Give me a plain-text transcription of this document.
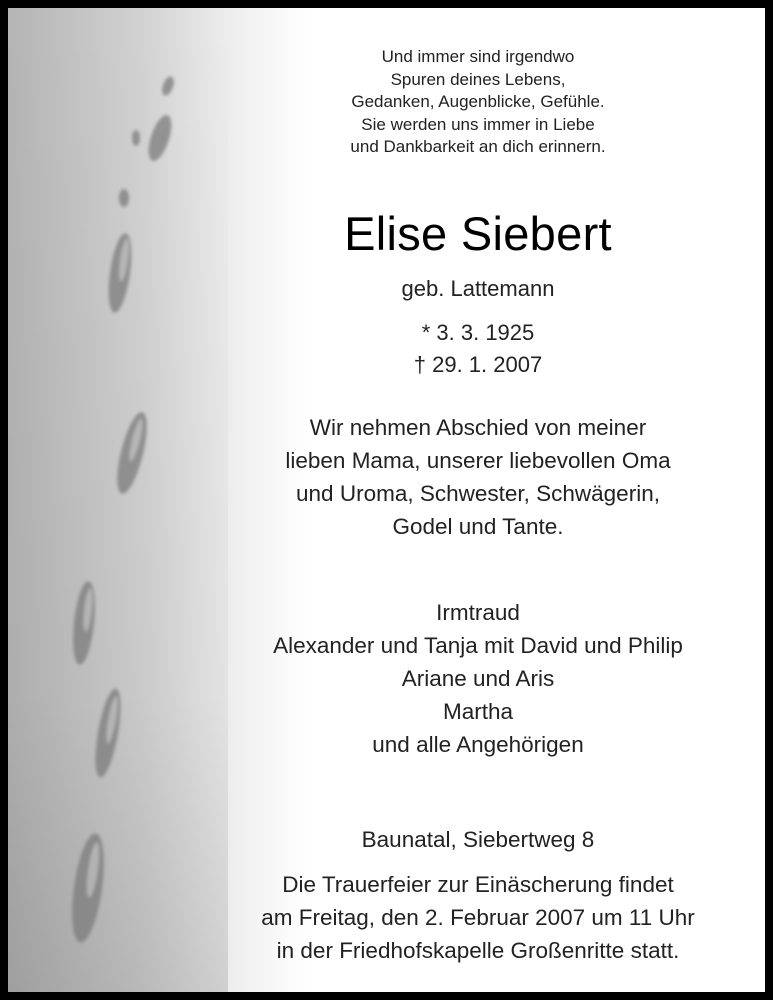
Und immer sind irgendwo
Spuren deines Lebens,
Gedanken, Augenblicke, Gefühle.
Sie werden uns immer in Liebe
und Dankbarkeit an dich erinnern.
Elise Siebert
geb. Lattemann
* 3. 3. 1925
† 29. 1. 2007
Wir nehmen Abschied von meiner
lieben Mama, unserer liebevollen Oma
und Uroma, Schwester, Schwägerin,
Godel und Tante.
Irmtraud
Alexander und Tanja mit David und Philip
Ariane und Aris
Martha
und alle Angehörigen
Baunatal, Siebertweg 8
Die Trauerfeier zur Einäscherung findet
am Freitag, den 2. Februar 2007 um 11 Uhr
in der Friedhofskapelle Großenritte statt.
